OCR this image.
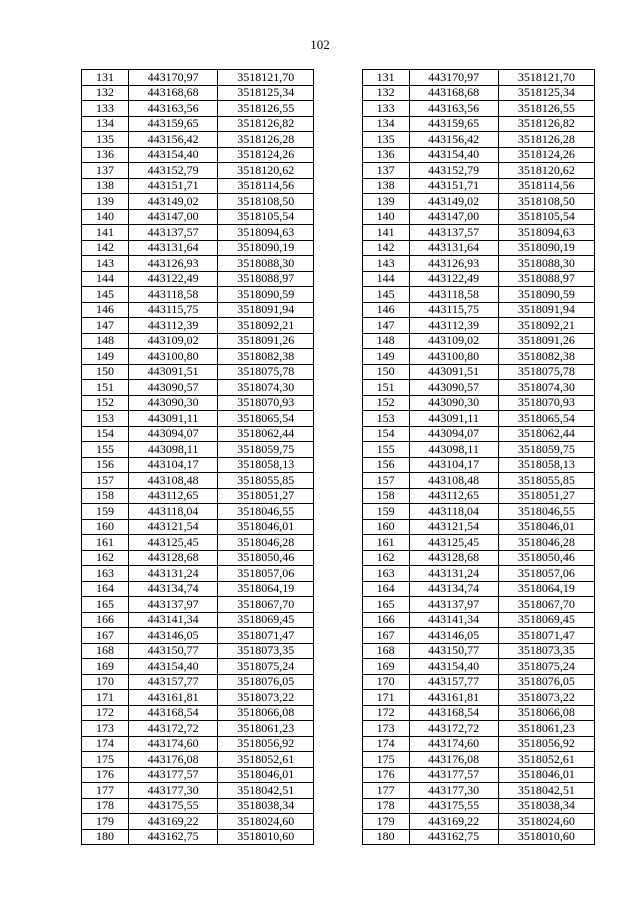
102
131	443170,97	3518121,70		131	443170,97	3518121,70
132	443168,68	3518125,34		132	443168,68	3518125,34
133	443163,56	3518126,55		133	443163,56	3518126,55
134	443159,65	3518126,82		134	443159,65	3518126,82
135	443156,42	3518126,28		135	443156,42	3518126,28
136	443154,40	3518124,26		136	443154,40	3518124,26
137	443152,79	3518120,62		137	443152,79	3518120,62
138	443151,71	3518114,56		138	443151,71	3518114,56
139	443149,02	3518108,50		139	443149,02	3518108,50
140	443147,00	3518105,54		140	443147,00	3518105,54
141	443137,57	3518094,63		141	443137,57	3518094,63
142	443131,64	3518090,19		142	443131,64	3518090,19
143	443126,93	3518088,30		143	443126,93	3518088,30
144	443122,49	3518088,97		144	443122,49	3518088,97
145	443118,58	3518090,59		145	443118,58	3518090,59
146	443115,75	3518091,94		146	443115,75	3518091,94
147	443112,39	3518092,21		147	443112,39	3518092,21
148	443109,02	3518091,26		148	443109,02	3518091,26
149	443100,80	3518082,38		149	443100,80	3518082,38
150	443091,51	3518075,78		150	443091,51	3518075,78
151	443090,57	3518074,30		151	443090,57	3518074,30
152	443090,30	3518070,93		152	443090,30	3518070,93
153	443091,11	3518065,54		153	443091,11	3518065,54
154	443094,07	3518062,44		154	443094,07	3518062,44
155	443098,11	3518059,75		155	443098,11	3518059,75
156	443104,17	3518058,13		156	443104,17	3518058,13
157	443108,48	3518055,85		157	443108,48	3518055,85
158	443112,65	3518051,27		158	443112,65	3518051,27
159	443118,04	3518046,55		159	443118,04	3518046,55
160	443121,54	3518046,01		160	443121,54	3518046,01
161	443125,45	3518046,28		161	443125,45	3518046,28
162	443128,68	3518050,46		162	443128,68	3518050,46
163	443131,24	3518057,06		163	443131,24	3518057,06
164	443134,74	3518064,19		164	443134,74	3518064,19
165	443137,97	3518067,70		165	443137,97	3518067,70
166	443141,34	3518069,45		166	443141,34	3518069,45
167	443146,05	3518071,47		167	443146,05	3518071,47
168	443150,77	3518073,35		168	443150,77	3518073,35
169	443154,40	3518075,24		169	443154,40	3518075,24
170	443157,77	3518076,05		170	443157,77	3518076,05
171	443161,81	3518073,22		171	443161,81	3518073,22
172	443168,54	3518066,08		172	443168,54	3518066,08
173	443172,72	3518061,23		173	443172,72	3518061,23
174	443174,60	3518056,92		174	443174,60	3518056,92
175	443176,08	3518052,61		175	443176,08	3518052,61
176	443177,57	3518046,01		176	443177,57	3518046,01
177	443177,30	3518042,51		177	443177,30	3518042,51
178	443175,55	3518038,34		178	443175,55	3518038,34
179	443169,22	3518024,60		179	443169,22	3518024,60
180	443162,75	3518010,60		180	443162,75	3518010,60
